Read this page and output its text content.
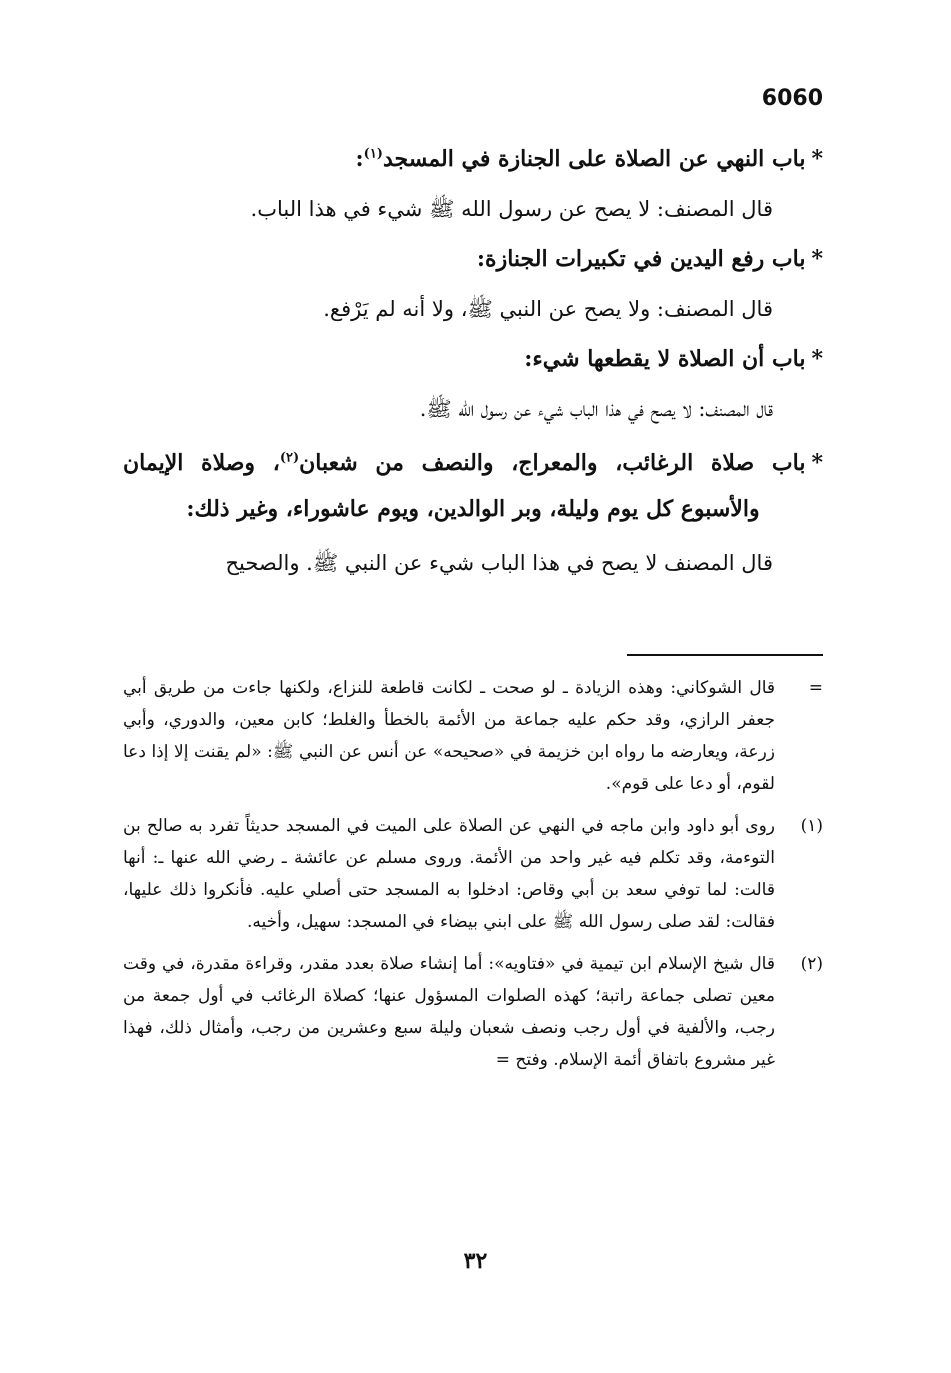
6060
*باب النهي عن الصلاة على الجنازة في المسجد$^{(١)}$:
قال المصنف: لا يصح عن رسول الله ﷺ شيء في هذا الباب.
*باب رفع اليدين في تكبيرات الجنازة:
قال المصنف: ولا يصح عن النبي ﷺ، ولا أنه لم يَرْفع.
*باب أن الصلاة لا يقطعها شيء:
قال المصنف: لا يصح في هذا الباب شيء عن رسول الله ﷺ.
*باب صلاة الرغائب، والمعراج، والنصف من شعبان$^{(٢)}$، وصلاة الإيمان والأسبوع كل يوم وليلة، وبر الوالدين، ويوم عاشوراء، وغير ذلك:
قال المصنف لا يصح في هذا الباب شيء عن النبي ﷺ. والصحيح
=
قال الشوكاني: وهذه الزيادة ـ لو صحت ـ لكانت قاطعة للنزاع، ولكنها جاءت من طريق أبي جعفر الرازي، وقد حكم عليه جماعة من الأئمة بالخطأ والغلط؛ كابن معين، والدوري، وأبي زرعة، ويعارضه ما رواه ابن خزيمة في «صحيحه» عن أنس عن النبي ﷺ: «لم يقنت إلا إذا دعا لقوم، أو دعا على قوم».
(١)
روى أبو داود وابن ماجه في النهي عن الصلاة على الميت في المسجد حديثاً تفرد به صالح بن التوءمة، وقد تكلم فيه غير واحد من الأئمة. وروى مسلم عن عائشة ـ رضي الله عنها ـ: أنها قالت: لما توفي سعد بن أبي وقاص: ادخلوا به المسجد حتى أصلي عليه. فأنكروا ذلك عليها، فقالت: لقد صلى رسول الله ﷺ على ابني بيضاء في المسجد: سهيل، وأخيه.
(٢)
قال شيخ الإسلام ابن تيمية في «فتاويه»: أما إنشاء صلاة بعدد مقدر، وقراءة مقدرة، في وقت معين تصلى جماعة راتبة؛ كهذه الصلوات المسؤول عنها؛ كصلاة الرغائب في أول جمعة من رجب، والألفية في أول رجب ونصف شعبان وليلة سبع وعشرين من رجب، وأمثال ذلك، فهذا غير مشروع باتفاق أئمة الإسلام. وفتح =
٣٢
